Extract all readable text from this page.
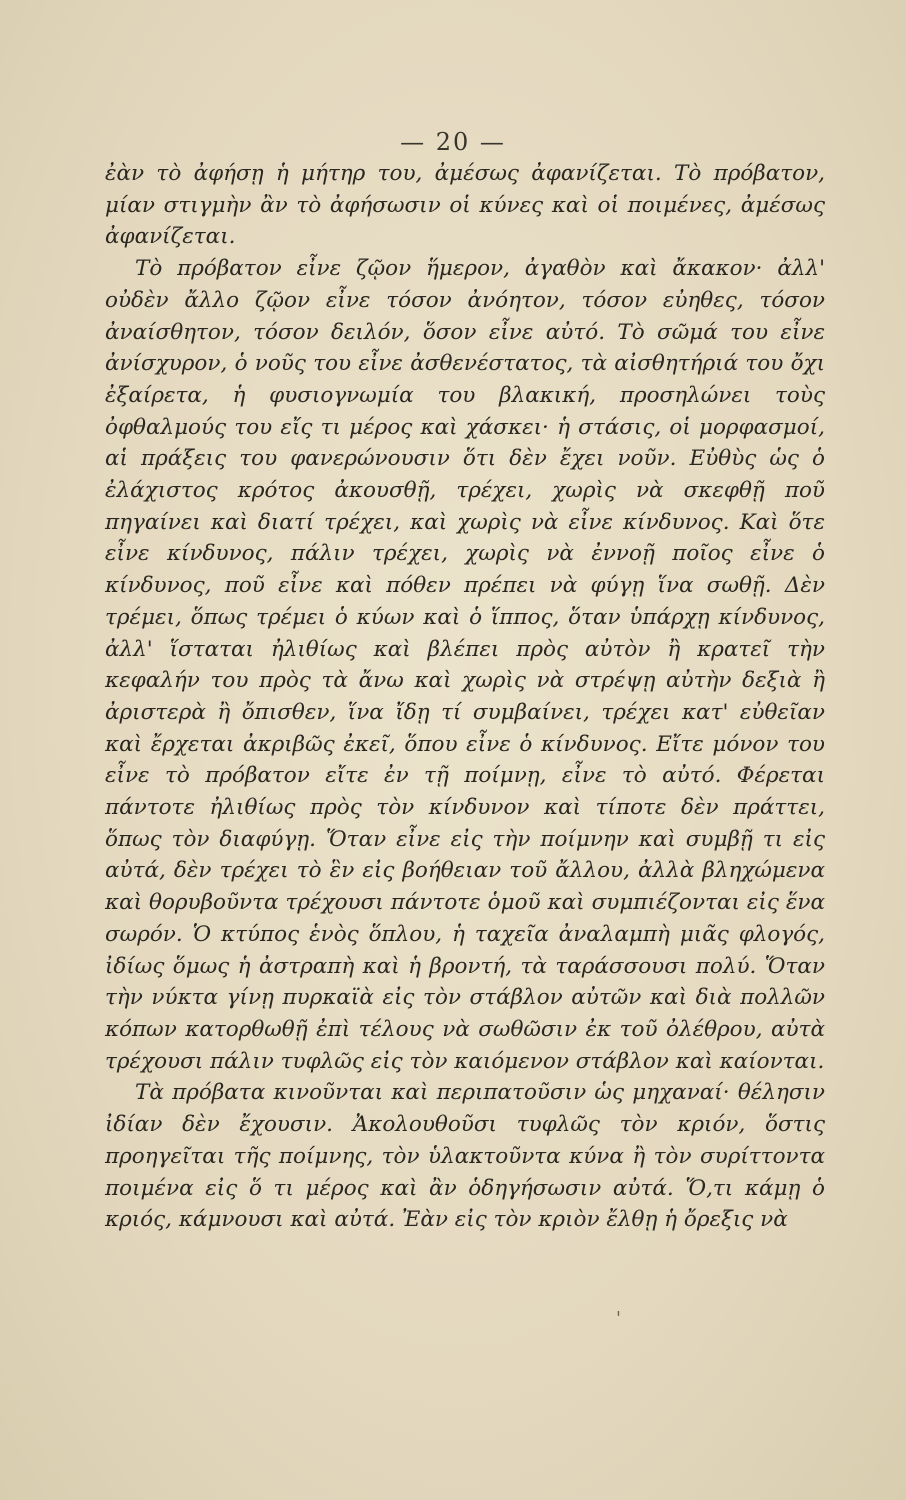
— 20 —

ἐὰν τὸ ἀφήσῃ ἡ μήτηρ του, ἀμέσως ἀφανίζεται. Τὸ πρόβατον, μίαν στιγμὴν ἂν τὸ ἀφήσωσιν οἱ κύνες καὶ οἱ ποιμένες, ἀμέσως ἀφανίζεται.

Τὸ πρόβατον εἶνε ζῷον ἥμερον, ἀγαθὸν καὶ ἄκακον· ἀλλ' οὐδὲν ἄλλο ζῷον εἶνε τόσον ἀνόητον, τόσον εὐηθες, τόσον ἀναίσθητον, τόσον δειλόν, ὅσον εἶνε αὐτό. Τὸ σῶμά του εἶνε ἀνίσχυρον, ὁ νοῦς του εἶνε ἀσθενέστατος, τὰ αἰσθητήριά του ὄχι ἐξαίρετα, ἡ φυσιογνωμία του βλακική, προσηλώνει τοὺς ὀφθαλμούς του εἴς τι μέρος καὶ χάσκει· ἡ στάσις, οἱ μορφασμοί, αἱ πράξεις του φανερώνουσιν ὅτι δὲν ἔχει νοῦν. Εὐθὺς ὡς ὁ ἐλάχιστος κρότος ἀκουσθῇ, τρέχει, χωρὶς νὰ σκεφθῇ ποῦ πηγαίνει καὶ διατί τρέχει, καὶ χωρὶς νὰ εἶνε κίνδυνος. Καὶ ὅτε εἶνε κίνδυνος, πάλιν τρέχει, χωρὶς νὰ ἐννοῇ ποῖος εἶνε ὁ κίνδυνος, ποῦ εἶνε καὶ πόθεν πρέπει νὰ φύγῃ ἵνα σωθῇ. Δὲν τρέμει, ὅπως τρέμει ὁ κύων καὶ ὁ ἵππος, ὅταν ὑπάρχῃ κίνδυνος, ἀλλ' ἵσταται ἠλιθίως καὶ βλέπει πρὸς αὐτὸν ἢ κρατεῖ τὴν κεφαλήν του πρὸς τὰ ἄνω καὶ χωρὶς νὰ στρέψῃ αὐτὴν δεξιὰ ἢ ἀριστερὰ ἢ ὄπισθεν, ἵνα ἴδῃ τί συμβαίνει, τρέχει κατ' εὐθεῖαν καὶ ἔρχεται ἀκριβῶς ἐκεῖ, ὅπου εἶνε ὁ κίνδυνος. Εἴτε μόνον του εἶνε τὸ πρόβατον εἴτε ἐν τῇ ποίμνῃ, εἶνε τὸ αὐτό. Φέρεται πάντοτε ἠλιθίως πρὸς τὸν κίνδυνον καὶ τίποτε δὲν πράττει, ὅπως τὸν διαφύγῃ. Ὅταν εἶνε εἰς τὴν ποίμνην καὶ συμβῇ τι εἰς αὐτά, δὲν τρέχει τὸ ἓν εἰς βοήθειαν τοῦ ἄλλου, ἀλλὰ βληχώμενα καὶ θορυβοῦντα τρέχουσι πάντοτε ὁμοῦ καὶ συμπιέζονται εἰς ἕνα σωρόν. Ὁ κτύπος ἑνὸς ὅπλου, ἡ ταχεῖα ἀναλαμπὴ μιᾶς φλογός, ἰδίως ὅμως ἡ ἀστραπὴ καὶ ἡ βροντή, τὰ ταράσσουσι πολύ. Ὅταν τὴν νύκτα γίνῃ πυρκαϊὰ εἰς τὸν στάβλον αὐτῶν καὶ διὰ πολλῶν κόπων κατορθωθῇ ἐπὶ τέλους νὰ σωθῶσιν ἐκ τοῦ ὀλέθρου, αὐτὰ τρέχουσι πάλιν τυφλῶς εἰς τὸν καιόμενον στάβλον καὶ καίονται.

Τὰ πρόβατα κινοῦνται καὶ περιπατοῦσιν ὡς μηχαναί· θέλησιν ἰδίαν δὲν ἔχουσιν. Ἀκολουθοῦσι τυφλῶς τὸν κριόν, ὅστις προηγεῖται τῆς ποίμνης, τὸν ὑλακτοῦντα κύνα ἢ τὸν συρίττοντα ποιμένα εἰς ὅ τι μέρος καὶ ἂν ὁδηγήσωσιν αὐτά. Ὅ,τι κάμῃ ὁ κριός, κάμνουσι καὶ αὐτά. Ἐὰν εἰς τὸν κριὸν ἔλθῃ ἡ ὄρεξις νὰ

'
